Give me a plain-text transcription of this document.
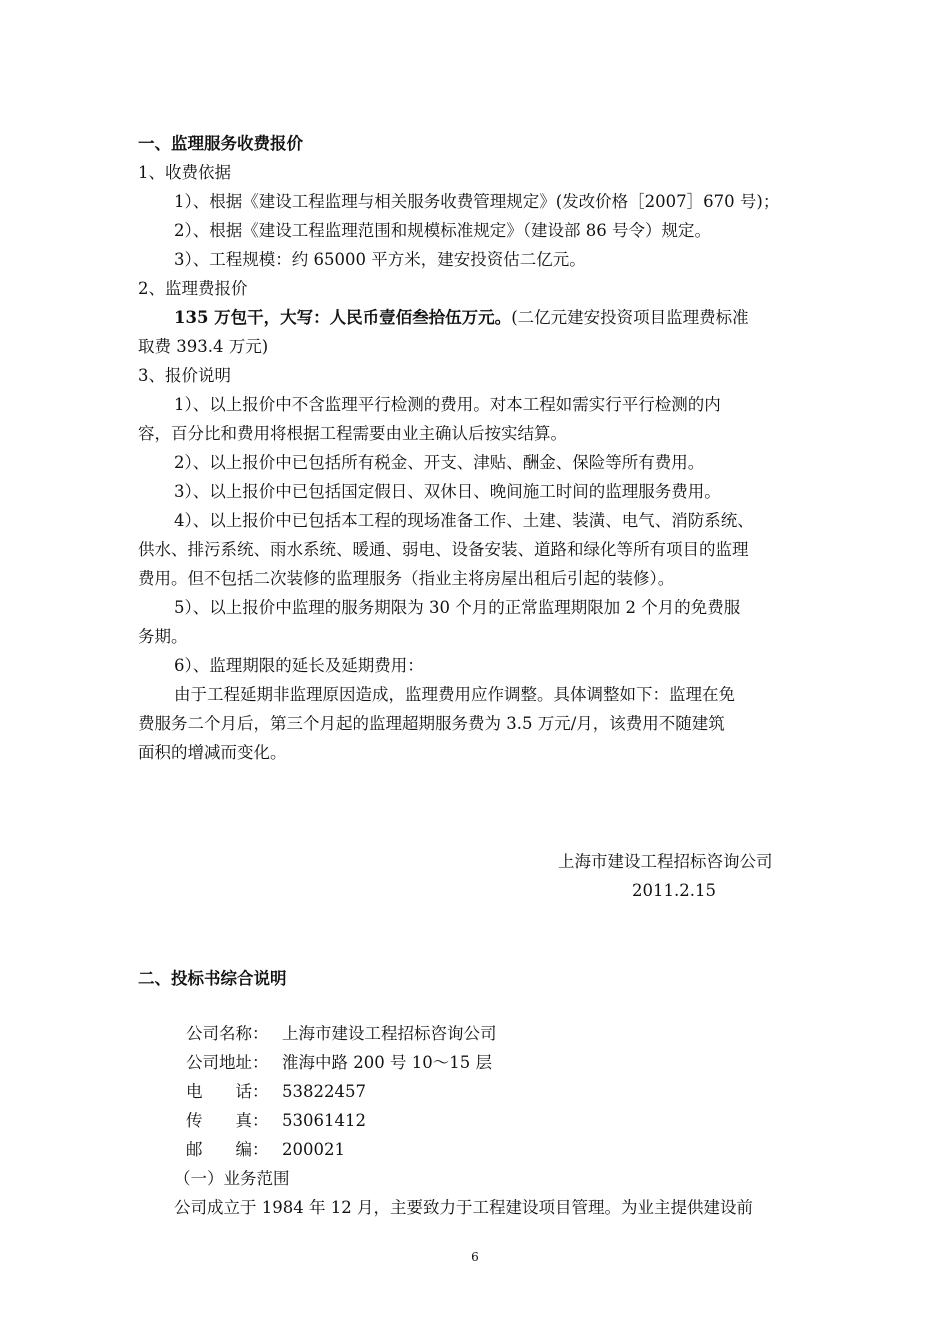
一、监理服务收费报价
1、收费依据
1）、根据《建设工程监理与相关服务收费管理规定》(发改价格［2007］670 号)；
2）、根据《建设工程监理范围和规模标准规定》（建设部 86 号令）规定。
3）、工程规模：约 65000 平方米，建安投资估二亿元。
2、监理费报价
135 万包干，大写：人民币壹佰叁拾伍万元。(二亿元建安投资项目监理费标准
取费 393.4 万元)
3、报价说明
1）、以上报价中不含监理平行检测的费用。对本工程如需实行平行检测的内
容，百分比和费用将根据工程需要由业主确认后按实结算。
2）、以上报价中已包括所有税金、开支、津贴、酬金、保险等所有费用。
3）、以上报价中已包括国定假日、双休日、晚间施工时间的监理服务费用。
4）、以上报价中已包括本工程的现场准备工作、土建、装潢、电气、消防系统、
供水、排污系统、雨水系统、暖通、弱电、设备安装、道路和绿化等所有项目的监理
费用。但不包括二次装修的监理服务（指业主将房屋出租后引起的装修）。
5）、以上报价中监理的服务期限为 30 个月的正常监理期限加 2 个月的免费服
务期。
6）、监理期限的延长及延期费用：
由于工程延期非监理原因造成，监理费用应作调整。具体调整如下：监理在免
费服务二个月后，第三个月起的监理超期服务费为 3.5 万元/月，该费用不随建筑
面积的增减而变化。
上海市建设工程招标咨询公司
2011.2.15
二、投标书综合说明
公司名称： 上海市建设工程招标咨询公司
公司地址： 淮海中路 200 号 10～15 层
电　　话： 53822457
传　　真： 53061412
邮　　编： 200021
（一）业务范围
公司成立于 1984 年 12 月，主要致力于工程建设项目管理。为业主提供建设前
6
